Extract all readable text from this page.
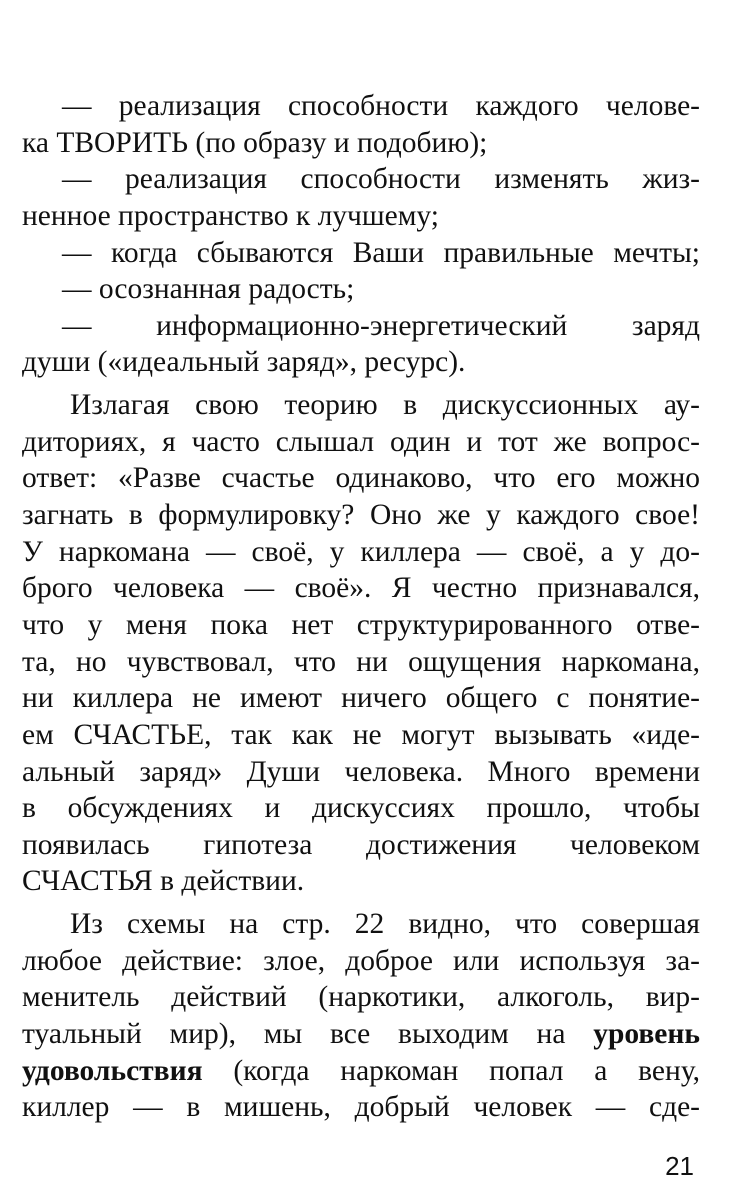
— реализация способности каждого челове-
ка ТВОРИТЬ (по образу и подобию);
— реализация способности изменять жиз-
ненное пространство к лучшему;
— когда сбываются Ваши правильные мечты;
— осознанная радость;
— информационно-энергетический заряд
души («идеальный заряд», ресурс).
Излагая свою теорию в дискуссионных ау-
диториях, я часто слышал один и тот же вопрос-
ответ: «Разве счастье одинаково, что его можно
загнать в формулировку? Оно же у каждого свое!
У наркомана — своё, у киллера — своё, а у до-
брого человека — своё». Я честно признавался,
что у меня пока нет структурированного отве-
та, но чувствовал, что ни ощущения наркомана,
ни киллера не имеют ничего общего с понятие-
ем СЧАСТЬЕ, так как не могут вызывать «иде-
альный заряд» Души человека. Много времени
в обсуждениях и дискуссиях прошло, чтобы
появилась гипотеза достижения человеком
СЧАСТЬЯ в действии.
Из схемы на стр. 22 видно, что совершая
любое действие: злое, доброе или используя за-
менитель действий (наркотики, алкоголь, вир-
туальный мир), мы все выходим на уровень
удовольствия (когда наркоман попал а вену,
киллер — в мишень, добрый человек — сде-
21
